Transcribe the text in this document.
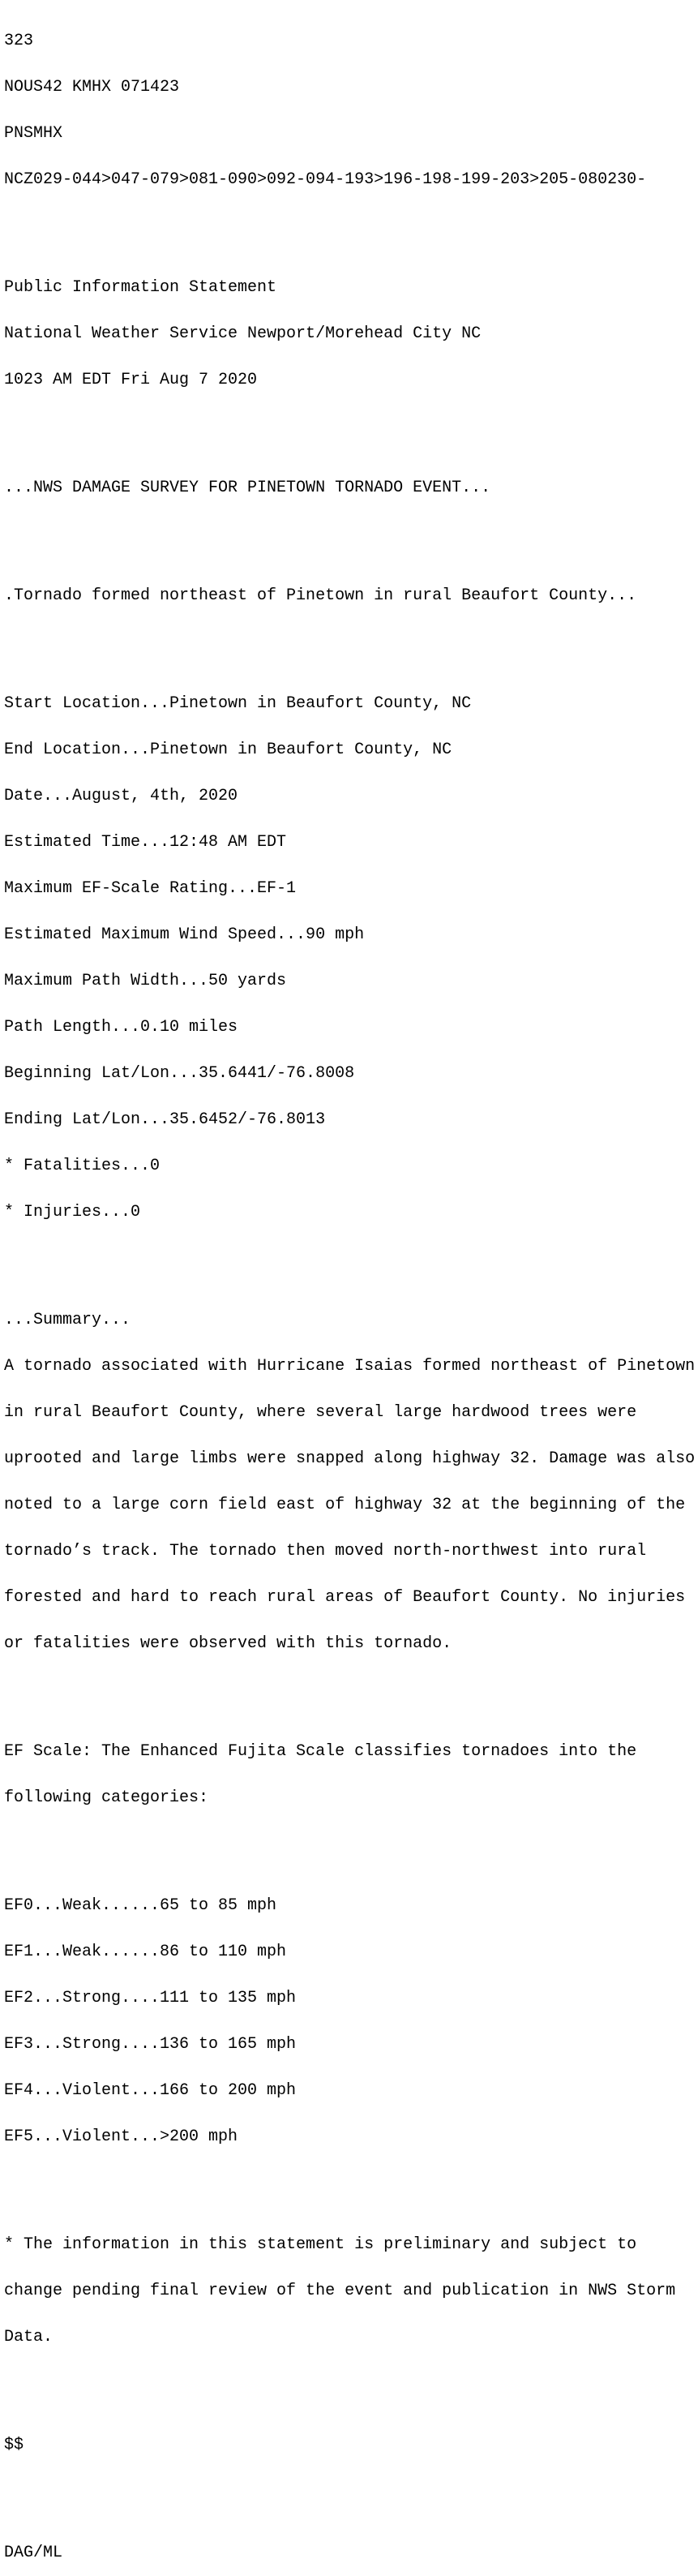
323

NOUS42 KMHX 071423

PNSMHX

NCZ029-044>047-079>081-090>092-094-193>196-198-199-203>205-080230-

Public Information Statement

National Weather Service Newport/Morehead City NC

1023 AM EDT Fri Aug 7 2020

...NWS DAMAGE SURVEY FOR PINETOWN TORNADO EVENT...

.Tornado formed northeast of Pinetown in rural Beaufort County...

Start Location...Pinetown in Beaufort County, NC

End Location...Pinetown in Beaufort County, NC

Date...August, 4th, 2020

Estimated Time...12:48 AM EDT

Maximum EF-Scale Rating...EF-1

Estimated Maximum Wind Speed...90 mph

Maximum Path Width...50 yards

Path Length...0.10 miles

Beginning Lat/Lon...35.6441/-76.8008

Ending Lat/Lon...35.6452/-76.8013

* Fatalities...0

* Injuries...0

...Summary...

A tornado associated with Hurricane Isaias formed northeast of Pinetown

in rural Beaufort County, where several large hardwood trees were

uprooted and large limbs were snapped along highway 32. Damage was also

noted to a large corn field east of highway 32 at the beginning of the

tornado’s track. The tornado then moved north-northwest into rural

forested and hard to reach rural areas of Beaufort County. No injuries

or fatalities were observed with this tornado.

EF Scale: The Enhanced Fujita Scale classifies tornadoes into the

following categories:

EF0...Weak......65 to 85 mph

EF1...Weak......86 to 110 mph

EF2...Strong....111 to 135 mph

EF3...Strong....136 to 165 mph

EF4...Violent...166 to 200 mph

EF5...Violent...>200 mph

* The information in this statement is preliminary and subject to

change pending final review of the event and publication in NWS Storm

Data.

$$

DAG/ML
